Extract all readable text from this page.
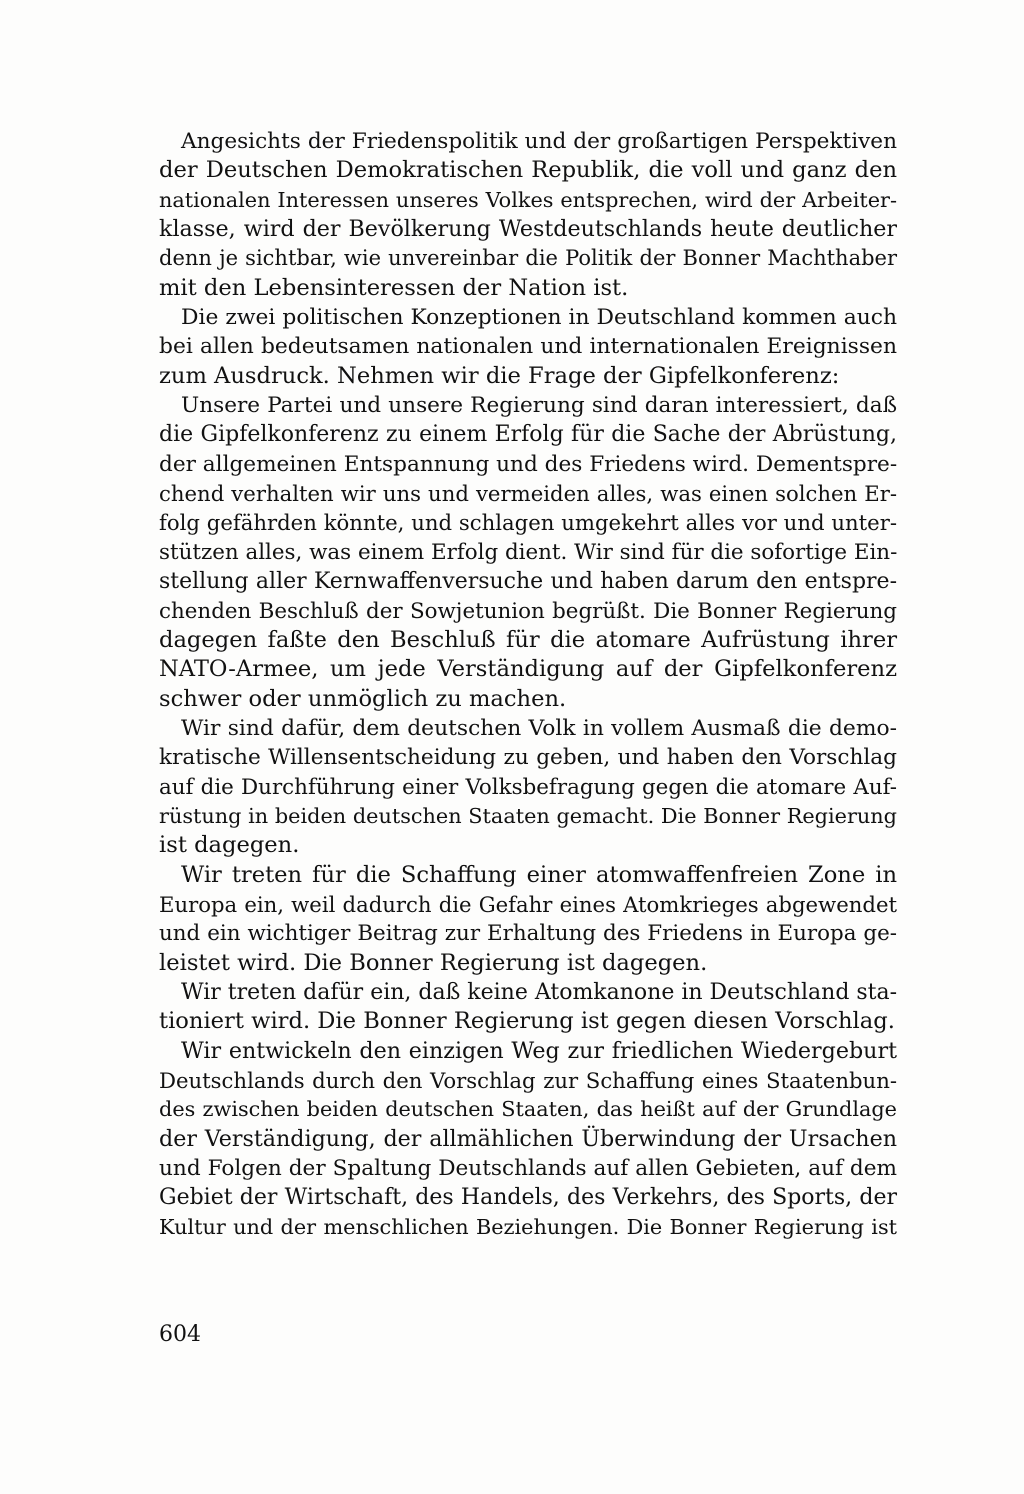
Angesichts der Friedenspolitik und der großartigen Perspektiven
der Deutschen Demokratischen Republik, die voll und ganz den
nationalen Interessen unseres Volkes entsprechen, wird der Arbeiter-
klasse, wird der Bevölkerung Westdeutschlands heute deutlicher
denn je sichtbar, wie unvereinbar die Politik der Bonner Machthaber
mit den Lebensinteressen der Nation ist.
Die zwei politischen Konzeptionen in Deutschland kommen auch
bei allen bedeutsamen nationalen und internationalen Ereignissen
zum Ausdruck. Nehmen wir die Frage der Gipfelkonferenz:
Unsere Partei und unsere Regierung sind daran interessiert, daß
die Gipfelkonferenz zu einem Erfolg für die Sache der Abrüstung,
der allgemeinen Entspannung und des Friedens wird. Dementspre-
chend verhalten wir uns und vermeiden alles, was einen solchen Er-
folg gefährden könnte, und schlagen umgekehrt alles vor und unter-
stützen alles, was einem Erfolg dient. Wir sind für die sofortige Ein-
stellung aller Kernwaffenversuche und haben darum den entspre-
chenden Beschluß der Sowjetunion begrüßt. Die Bonner Regierung
dagegen faßte den Beschluß für die atomare Aufrüstung ihrer
NATO-Armee, um jede Verständigung auf der Gipfelkonferenz
schwer oder unmöglich zu machen.
Wir sind dafür, dem deutschen Volk in vollem Ausmaß die demo-
kratische Willensentscheidung zu geben, und haben den Vorschlag
auf die Durchführung einer Volksbefragung gegen die atomare Auf-
rüstung in beiden deutschen Staaten gemacht. Die Bonner Regierung
ist dagegen.
Wir treten für die Schaffung einer atomwaffenfreien Zone in
Europa ein, weil dadurch die Gefahr eines Atomkrieges abgewendet
und ein wichtiger Beitrag zur Erhaltung des Friedens in Europa ge-
leistet wird. Die Bonner Regierung ist dagegen.
Wir treten dafür ein, daß keine Atomkanone in Deutschland sta-
tioniert wird. Die Bonner Regierung ist gegen diesen Vorschlag.
Wir entwickeln den einzigen Weg zur friedlichen Wiedergeburt
Deutschlands durch den Vorschlag zur Schaffung eines Staatenbun-
des zwischen beiden deutschen Staaten, das heißt auf der Grundlage
der Verständigung, der allmählichen Überwindung der Ursachen
und Folgen der Spaltung Deutschlands auf allen Gebieten, auf dem
Gebiet der Wirtschaft, des Handels, des Verkehrs, des Sports, der
Kultur und der menschlichen Beziehungen. Die Bonner Regierung ist
604
